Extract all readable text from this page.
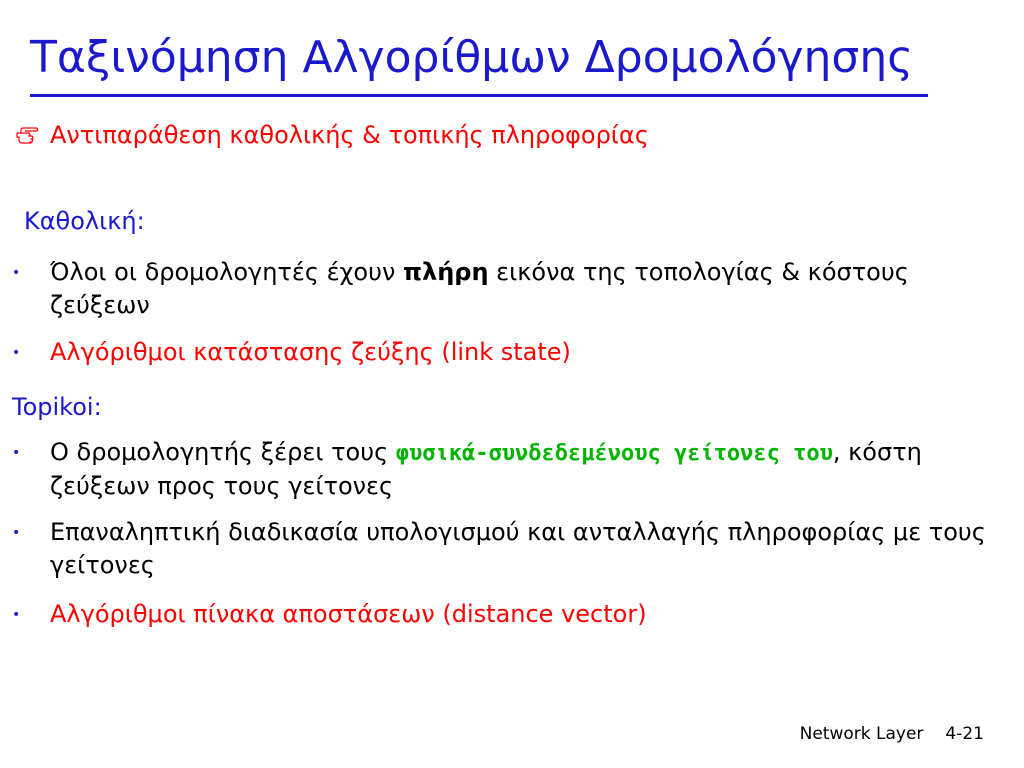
Ταξινόμηση Αλγορίθμων Δρομολόγησης
Αντιπαράθεση καθολικής & τοπικής πληροφορίας
Καθολική:
• Όλοι οι δρομολογητές έχουν πλήρη εικόνα της τοπολογίας & κόστους ζεύξεων
• Αλγόριθμοι κατάστασης ζεύξης (link state)
Topikoi:
• Ο δρομολογητής ξέρει τους φυσικά-συνδεδεμένους γείτονες του, κόστη ζεύξεων προς τους γείτονες
• Επαναληπτική διαδικασία υπολογισμού και ανταλλαγής πληροφορίας με τους γείτονες
• Αλγόριθμοι πίνακα αποστάσεων (distance vector)
Network Layer 4-21
